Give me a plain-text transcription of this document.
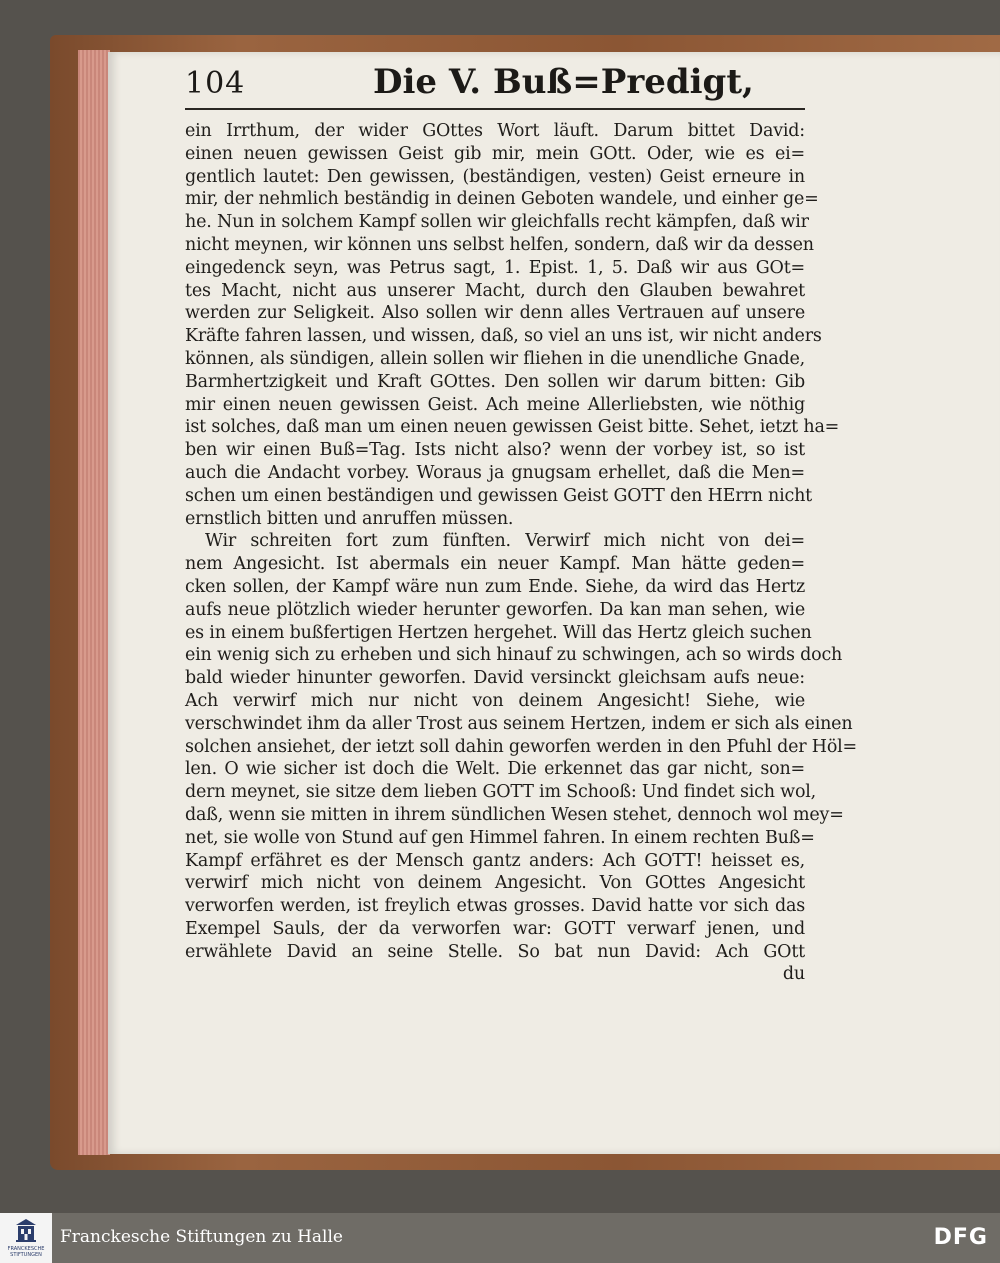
104	Die V. Buß=Predigt,
ein Irrthum, der wider GOttes Wort läuft. Darum bittet David:
einen neuen gewissen Geist gib mir, mein GOtt. Oder, wie es ei=
gentlich lautet: Den gewissen, (beständigen, vesten) Geist erneure in
mir, der nehmlich beständig in deinen Geboten wandele, und einher ge=
he. Nun in solchem Kampf sollen wir gleichfalls recht kämpfen, daß wir
nicht meynen, wir können uns selbst helfen, sondern, daß wir da dessen
eingedenck seyn, was Petrus sagt, 1. Epist. 1, 5. Daß wir aus GOt=
tes Macht, nicht aus unserer Macht, durch den Glauben bewahret
werden zur Seligkeit. Also sollen wir denn alles Vertrauen auf unsere
Kräfte fahren lassen, und wissen, daß, so viel an uns ist, wir nicht anders
können, als sündigen, allein sollen wir fliehen in die unendliche Gnade,
Barmhertzigkeit und Kraft GOttes. Den sollen wir darum bitten: Gib
mir einen neuen gewissen Geist. Ach meine Allerliebsten, wie nöthig
ist solches, daß man um einen neuen gewissen Geist bitte. Sehet, ietzt ha=
ben wir einen Buß=Tag. Ists nicht also? wenn der vorbey ist, so ist
auch die Andacht vorbey. Woraus ja gnugsam erhellet, daß die Men=
schen um einen beständigen und gewissen Geist GOTT den HErrn nicht
ernstlich bitten und anruffen müssen.
Wir schreiten fort zum fünften. Verwirf mich nicht von dei=
nem Angesicht. Ist abermals ein neuer Kampf. Man hätte geden=
cken sollen, der Kampf wäre nun zum Ende. Siehe, da wird das Hertz
aufs neue plötzlich wieder herunter geworfen. Da kan man sehen, wie
es in einem bußfertigen Hertzen hergehet. Will das Hertz gleich suchen
ein wenig sich zu erheben und sich hinauf zu schwingen, ach so wirds doch
bald wieder hinunter geworfen. David versinckt gleichsam aufs neue:
Ach verwirf mich nur nicht von deinem Angesicht! Siehe, wie
verschwindet ihm da aller Trost aus seinem Hertzen, indem er sich als einen
solchen ansiehet, der ietzt soll dahin geworfen werden in den Pfuhl der Höl=
len. O wie sicher ist doch die Welt. Die erkennet das gar nicht, son=
dern meynet, sie sitze dem lieben GOTT im Schooß: Und findet sich wol,
daß, wenn sie mitten in ihrem sündlichen Wesen stehet, dennoch wol mey=
net, sie wolle von Stund auf gen Himmel fahren. In einem rechten Buß=
Kampf erfähret es der Mensch gantz anders: Ach GOTT! heisset es,
verwirf mich nicht von deinem Angesicht. Von GOttes Angesicht
verworfen werden, ist freylich etwas grosses. David hatte vor sich das
Exempel Sauls, der da verworfen war: GOTT verwarf jenen, und
erwählete David an seine Stelle. So bat nun David: Ach GOtt
du
FRANCKESCHE STIFTUNGEN
Franckesche Stiftungen zu Halle	DFG
